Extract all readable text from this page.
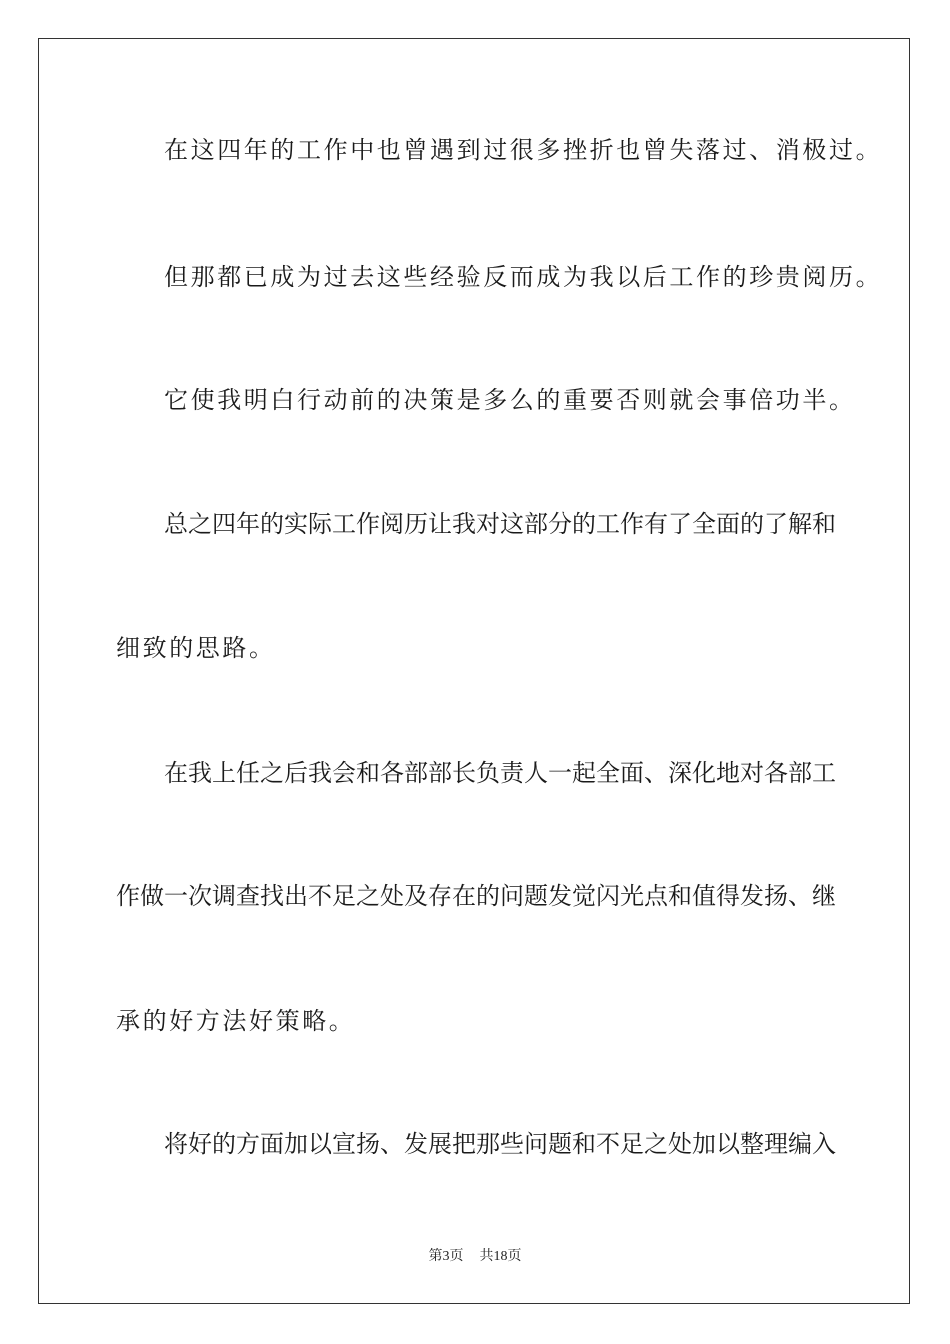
在这四年的工作中也曾遇到过很多挫折也曾失落过、消极过。
但那都已成为过去这些经验反而成为我以后工作的珍贵阅历。
它使我明白行动前的决策是多么的重要否则就会事倍功半。
总之四年的实际工作阅历让我对这部分的工作有了全面的了解和
细致的思路。
在我上任之后我会和各部部长负责人一起全面、深化地对各部工
作做一次调查找出不足之处及存在的问题发觉闪光点和值得发扬、继
承的好方法好策略。
将好的方面加以宣扬、发展把那些问题和不足之处加以整理编入
第3页 共18页
